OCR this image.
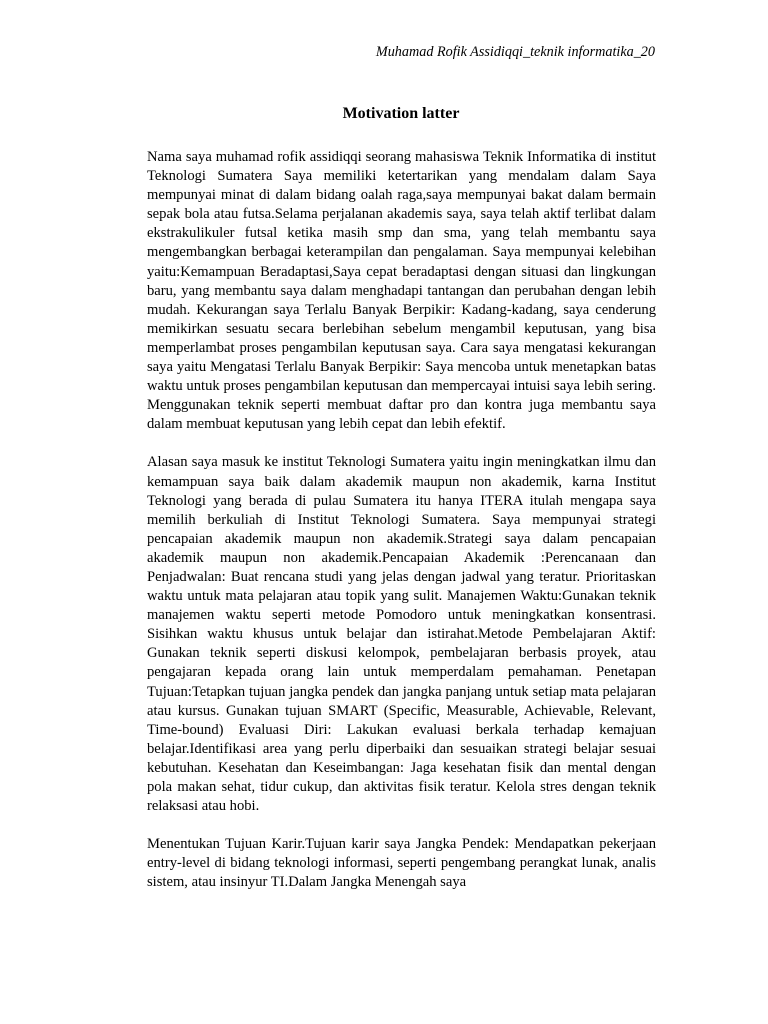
Muhamad Rofik Assidiqqi_teknik informatika_20
Motivation latter

Nama saya muhamad rofik assidiqqi seorang mahasiswa Teknik Informatika di institut Teknologi Sumatera Saya memiliki ketertarikan yang mendalam dalam Saya mempunyai minat di dalam bidang oalah raga,saya mempunyai bakat dalam bermain sepak bola atau futsa.Selama perjalanan akademis saya, saya telah aktif terlibat dalam ekstrakulikuler futsal ketika masih smp dan sma, yang telah membantu saya mengembangkan berbagai keterampilan dan pengalaman. Saya mempunyai kelebihan yaitu:Kemampuan Beradaptasi,Saya cepat beradaptasi dengan situasi dan lingkungan baru, yang membantu saya dalam menghadapi tantangan dan perubahan dengan lebih mudah. Kekurangan saya Terlalu Banyak Berpikir: Kadang-kadang, saya cenderung memikirkan sesuatu secara berlebihan sebelum mengambil keputusan, yang bisa memperlambat proses pengambilan keputusan saya. Cara saya mengatasi kekurangan saya yaitu Mengatasi Terlalu Banyak Berpikir: Saya mencoba untuk menetapkan batas waktu untuk proses pengambilan keputusan dan mempercayai intuisi saya lebih sering. Menggunakan teknik seperti membuat daftar pro dan kontra juga membantu saya dalam membuat keputusan yang lebih cepat dan lebih efektif.

Alasan saya masuk ke institut Teknologi Sumatera yaitu ingin meningkatkan ilmu dan kemampuan saya baik dalam akademik maupun non akademik, karna Institut Teknologi yang berada di pulau Sumatera itu hanya ITERA itulah mengapa saya memilih berkuliah di Institut Teknologi Sumatera. Saya mempunyai strategi pencapaian akademik maupun non akademik.Strategi saya dalam pencapaian akademik maupun non akademik.Pencapaian Akademik :Perencanaan dan Penjadwalan: Buat rencana studi yang jelas dengan jadwal yang teratur. Prioritaskan waktu untuk mata pelajaran atau topik yang sulit. Manajemen Waktu:Gunakan teknik manajemen waktu seperti metode Pomodoro untuk meningkatkan konsentrasi. Sisihkan waktu khusus untuk belajar dan istirahat.Metode Pembelajaran Aktif: Gunakan teknik seperti diskusi kelompok, pembelajaran berbasis proyek, atau pengajaran kepada orang lain untuk memperdalam pemahaman. Penetapan Tujuan:Tetapkan tujuan jangka pendek dan jangka panjang untuk setiap mata pelajaran atau kursus. Gunakan tujuan SMART (Specific, Measurable, Achievable, Relevant, Time-bound) Evaluasi Diri: Lakukan evaluasi berkala terhadap kemajuan belajar.Identifikasi area yang perlu diperbaiki dan sesuaikan strategi belajar sesuai kebutuhan. Kesehatan dan Keseimbangan: Jaga kesehatan fisik dan mental dengan pola makan sehat, tidur cukup, dan aktivitas fisik teratur. Kelola stres dengan teknik relaksasi atau hobi.

Menentukan Tujuan Karir.Tujuan karir saya Jangka Pendek: Mendapatkan pekerjaan entry-level di bidang teknologi informasi, seperti pengembang perangkat lunak, analis sistem, atau insinyur TI.Dalam Jangka Menengah saya
